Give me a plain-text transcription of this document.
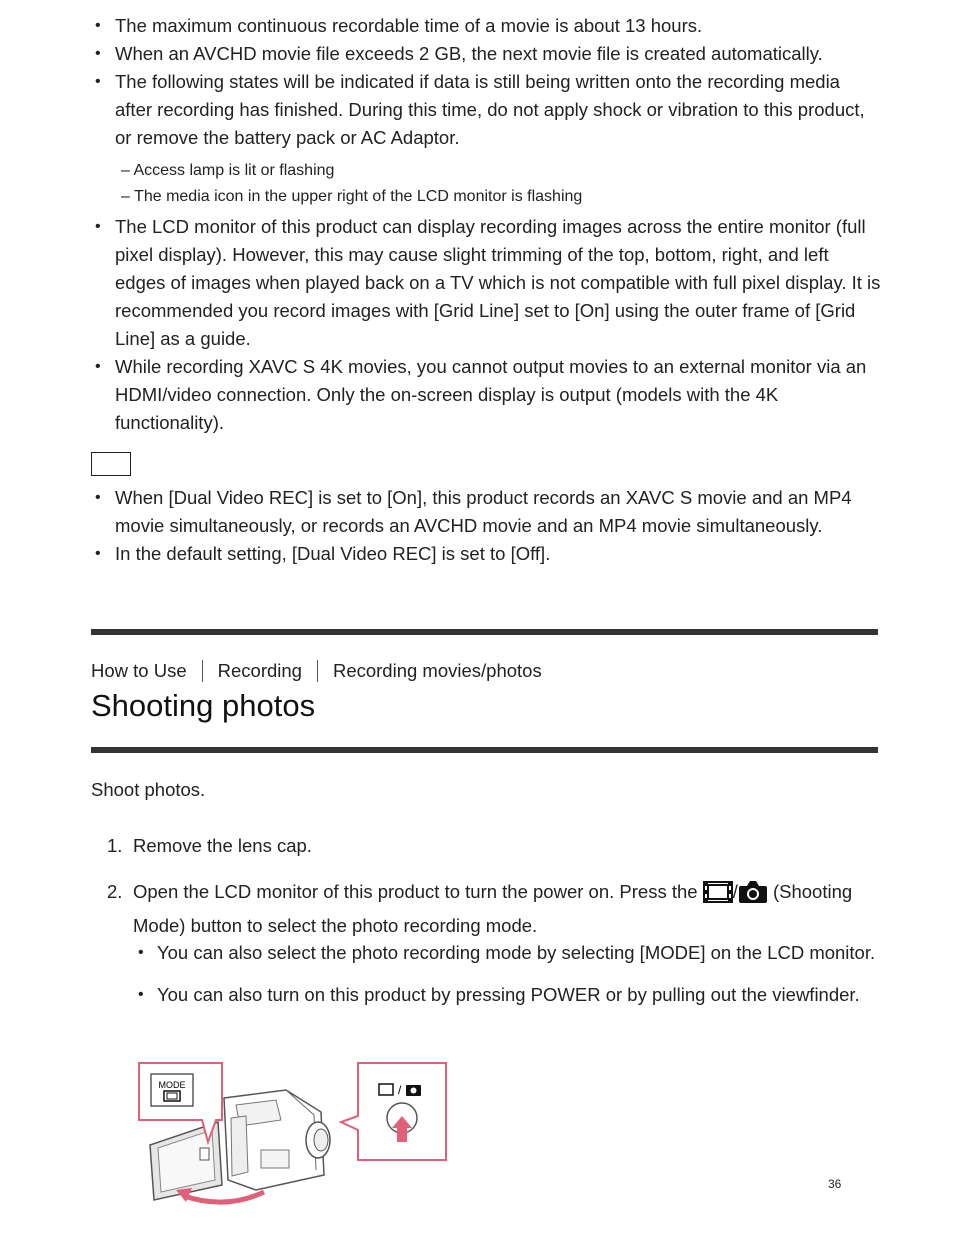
• The maximum continuous recordable time of a movie is about 13 hours.
• When an AVCHD movie file exceeds 2 GB, the next movie file is created automatically.
• The following states will be indicated if data is still being written onto the recording media after recording has finished. During this time, do not apply shock or vibration to this product, or remove the battery pack or AC Adaptor.
– Access lamp is lit or flashing
– The media icon in the upper right of the LCD monitor is flashing
• The LCD monitor of this product can display recording images across the entire monitor (full pixel display). However, this may cause slight trimming of the top, bottom, right, and left edges of images when played back on a TV which is not compatible with full pixel display. It is recommended you record images with [Grid Line] set to [On] using the outer frame of [Grid Line] as a guide.
• While recording XAVC S 4K movies, you cannot output movies to an external monitor via an HDMI/video connection. Only the on-screen display is output (models with the 4K functionality).
• When [Dual Video REC] is set to [On], this product records an XAVC S movie and an MP4 movie simultaneously, or records an AVCHD movie and an MP4 movie simultaneously.
• In the default setting, [Dual Video REC] is set to [Off].
How to Use Recording Recording movies/photos
Shooting photos

Shoot photos.

1. Remove the lens cap.
2. Open the LCD monitor of this product to turn the power on. Press the / (Shooting Mode) button to select the photo recording mode.
• You can also select the photo recording mode by selecting [MODE] on the LCD monitor.
• You can also turn on this product by pressing POWER or by pulling out the viewfinder.
MODE	/
36
